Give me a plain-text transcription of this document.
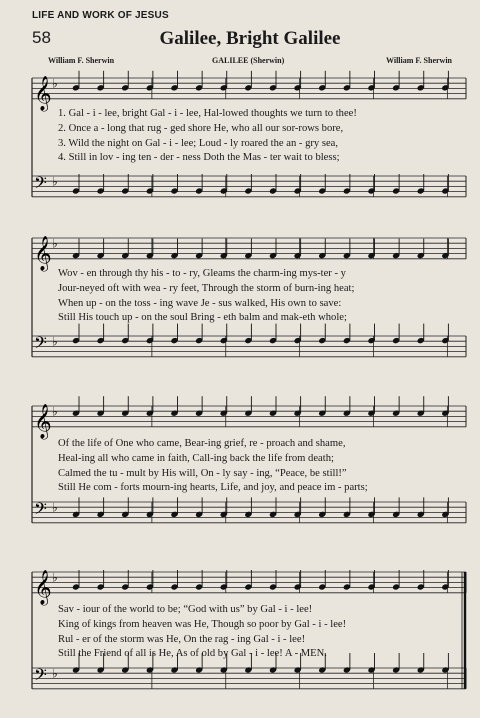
LIFE AND WORK OF JESUS
58	Galilee, Bright Galilee
William F. Sherwin	GALILEE (Sherwin)	William F. Sherwin
𝄞 ♭
𝄢 ♭
𝄞 ♭
𝄢 ♭
𝄞 ♭
𝄢 ♭
𝄞 ♭
𝄢 ♭
1. Gal - i - lee, bright Gal - i - lee, Hal-lowed thoughts we turn to thee!
2. Once a - long that rug - ged shore He, who all our sor-rows bore,
3. Wild the night on Gal - i - lee; Loud - ly roared the an - gry sea,
4. Still in lov - ing ten - der - ness Doth the Mas - ter wait to bless;
Wov - en through thy his - to - ry, Gleams the charm-ing mys-ter - y
Jour-neyed oft with wea - ry feet, Through the storm of burn-ing heat;
When up - on the toss - ing wave Je - sus walked, His own to save:
Still His touch up - on the soul Bring - eth balm and mak-eth whole;
Of the life of One who came, Bear-ing grief, re - proach and shame,
Heal-ing all who came in faith, Call-ing back the life from death;
Calmed the tu - mult by His will, On - ly say - ing, “Peace, be still!”
Still He com - forts mourn-ing hearts, Life, and joy, and peace im - parts;
Sav - iour of the world to be; “God with us” by Gal - i - lee!
King of kings from heaven was He, Though so poor by Gal - i - lee!
Rul - er of the storm was He, On the rag - ing Gal - i - lee!
Still the Friend of all is He, As of old by Gal - i - lee! A - MEN.
